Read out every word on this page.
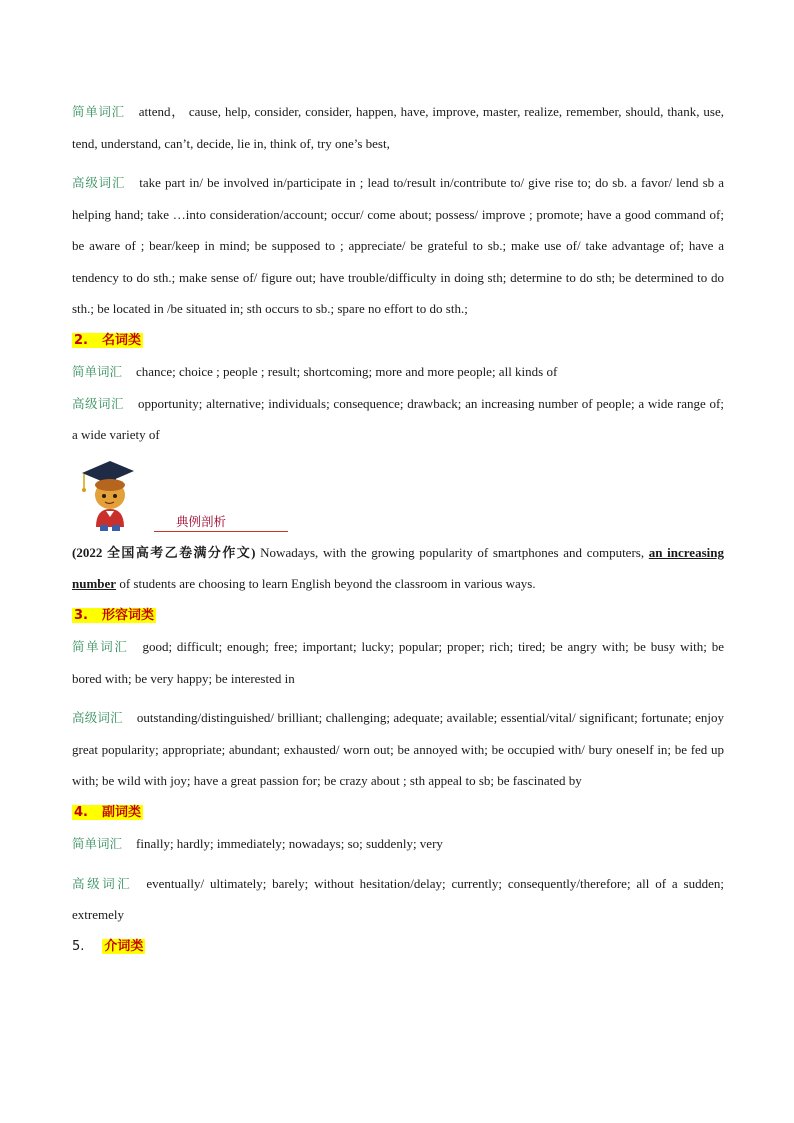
简单词汇 attend， cause, help, consider, consider, happen, have, improve, master, realize, remember, should, thank, use, tend, understand, can’t, decide, lie in, think of, try one’s best,

高级词汇 take part in/ be involved in/participate in ; lead to/result in/contribute to/ give rise to; do sb. a favor/ lend sb a helping hand; take …into consideration/account; occur/ come about; possess/ improve ; promote; have a good command of; be aware of ; bear/keep in mind; be supposed to ; appreciate/ be grateful to sb.; make use of/ take advantage of; have a tendency to do sth.; make sense of/ figure out; have trouble/difficulty in doing sth; determine to do sth; be determined to do sth.; be located in /be situated in; sth occurs to sb.; spare no effort to do sth.;

2. 名词类

简单词汇 chance; choice ; people ; result; shortcoming; more and more people; all kinds of

高级词汇 opportunity; alternative; individuals; consequence; drawback; an increasing number of people; a wide range of; a wide variety of

典例剖析

(2022 全国高考乙卷满分作文) Nowadays, with the growing popularity of smartphones and computers, an increasing number of students are choosing to learn English beyond the classroom in various ways.

3. 形容词类

简单词汇 good; difficult; enough; free; important; lucky; popular; proper; rich; tired; be angry with; be busy with; be bored with; be very happy; be interested in

高级词汇 outstanding/distinguished/ brilliant; challenging; adequate; available; essential/vital/ significant; fortunate; enjoy great popularity; appropriate; abundant; exhausted/ worn out; be annoyed with; be occupied with/ bury oneself in; be fed up with; be wild with joy; have a great passion for; be crazy about ; sth appeal to sb; be fascinated by

4. 副词类

简单词汇 finally; hardly; immediately; nowadays; so; suddenly; very

高级词汇 eventually/ ultimately; barely; without hesitation/delay; currently; consequently/therefore; all of a sudden; extremely

5. 介词类
